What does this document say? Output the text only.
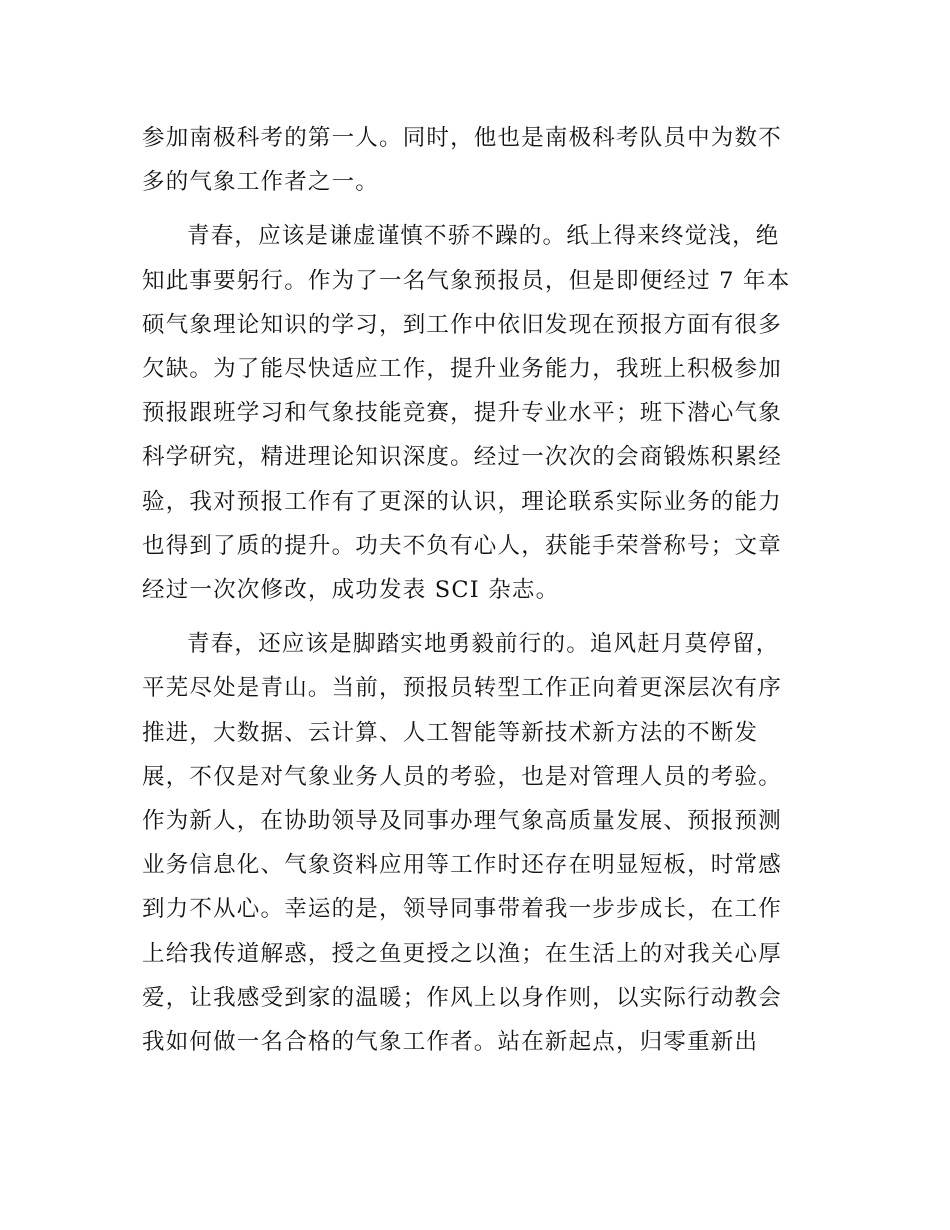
参加南极科考的第一人。同时，他也是南极科考队员中为数不
多的气象工作者之一。

青春，应该是谦虚谨慎不骄不躁的。纸上得来终觉浅，绝
知此事要躬行。作为了一名气象预报员，但是即便经过 7 年本
硕气象理论知识的学习，到工作中依旧发现在预报方面有很多
欠缺。为了能尽快适应工作，提升业务能力，我班上积极参加
预报跟班学习和气象技能竞赛，提升专业水平；班下潜心气象
科学研究，精进理论知识深度。经过一次次的会商锻炼积累经
验，我对预报工作有了更深的认识，理论联系实际业务的能力
也得到了质的提升。功夫不负有心人，获能手荣誉称号；文章
经过一次次修改，成功发表 SCI 杂志。

青春，还应该是脚踏实地勇毅前行的。追风赶月莫停留，
平芜尽处是青山。当前，预报员转型工作正向着更深层次有序
推进，大数据、云计算、人工智能等新技术新方法的不断发
展，不仅是对气象业务人员的考验，也是对管理人员的考验。
作为新人，在协助领导及同事办理气象高质量发展、预报预测
业务信息化、气象资料应用等工作时还存在明显短板，时常感
到力不从心。幸运的是，领导同事带着我一步步成长，在工作
上给我传道解惑，授之鱼更授之以渔；在生活上的对我关心厚
爱，让我感受到家的温暖；作风上以身作则，以实际行动教会
我如何做一名合格的气象工作者。站在新起点，归零重新出
